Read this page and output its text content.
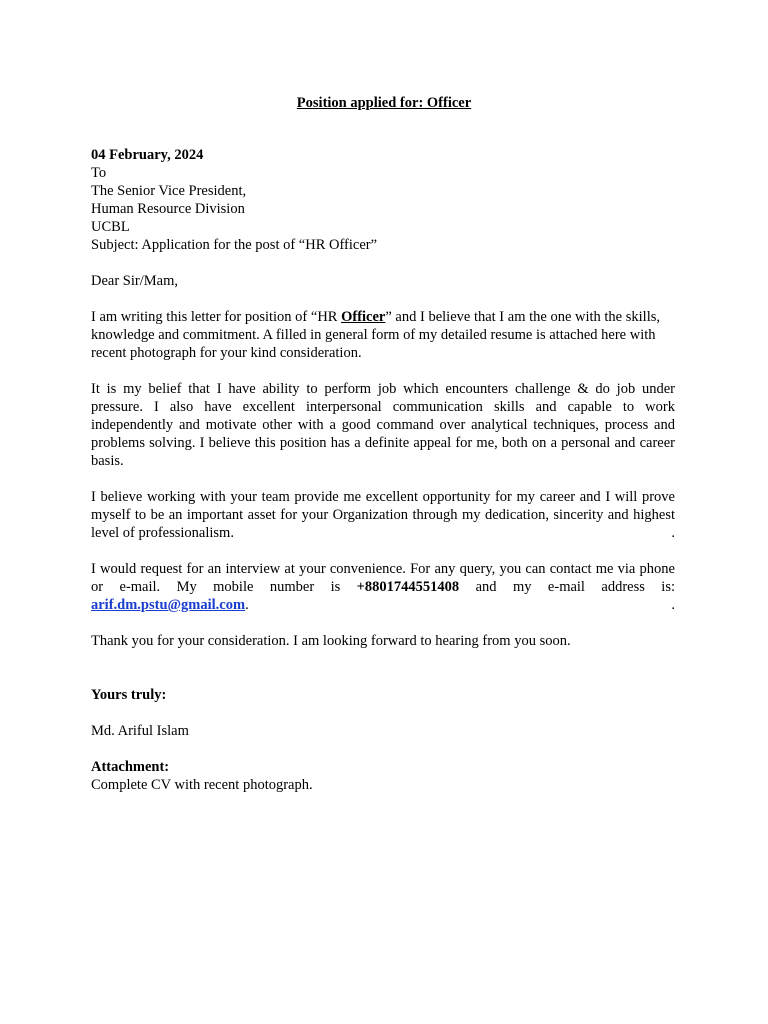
Position applied for: Officer
04 February, 2024
To
The Senior Vice President,
Human Resource Division
UCBL
Subject: Application for the post of “HR Officer”
Dear Sir/Mam,

I am writing this letter for position of “HR Officer” and I believe that I am the one with the skills, knowledge and commitment. A filled in general form of my detailed resume is attached here with recent photograph for your kind consideration.

It is my belief that I have ability to perform job which encounters challenge & do job under pressure. I also have excellent interpersonal communication skills and capable to work independently and motivate other with a good command over analytical techniques, process and problems solving. I believe this position has a definite appeal for me, both on a personal and career basis.

I believe working with your team provide me excellent opportunity for my career and I will prove myself to be an important asset for your Organization through my dedication, sincerity and highest level of professionalism.	.

I would request for an interview at your convenience. For any query, you can contact me via phone or e-mail. My mobile number is +8801744551408 and my e-mail address is: arif.dm.pstu@gmail.com.	.

Thank you for your consideration. I am looking forward to hearing from you soon.

Yours truly:
Md. Ariful Islam
Attachment:
Complete CV with recent photograph.
